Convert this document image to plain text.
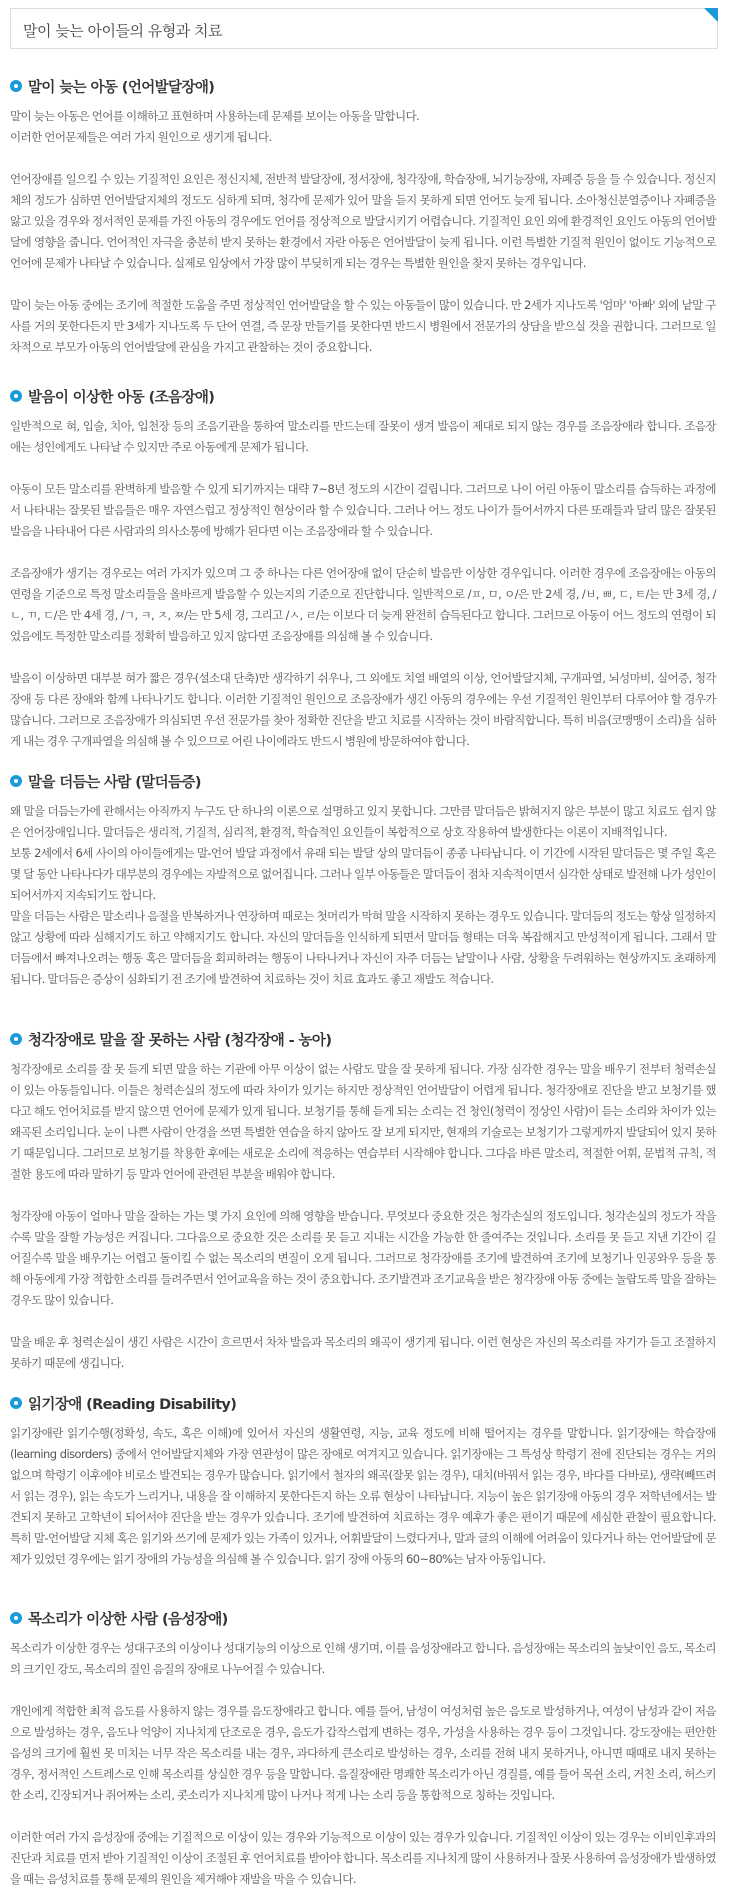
말이 늦는 아이들의 유형과 치료
말이 늦는 아동 (언어발달장애)

말이 늦는 아동은 언어를 이해하고 표현하며 사용하는데 문제를 보이는 아동을 말합니다.
이러한 언어문제들은 여러 가지 원인으로 생기게 됩니다.

언어장애를 일으킬 수 있는 기질적인 요인은 정신지체, 전반적 발달장애, 정서장애, 청각장애, 학습장애, 뇌기능장애, 자폐증 등을 들 수 있습니다. 정신지체의 정도가 심하면 언어발달지체의 정도도 심하게 되며, 청각에 문제가 있어 말을 듣지 못하게 되면 언어도 늦게 됩니다. 소아청신분열증이나 자폐증을 앓고 있을 경우와 정서적인 문제를 가진 아동의 경우에도 언어를 정상적으로 발달시키기 어렵습니다. 기질적인 요인 외에 환경적인 요인도 아동의 언어발달에 영향을 줍니다. 언어적인 자극을 충분히 받지 못하는 환경에서 자란 아동은 언어발달이 늦게 됩니다. 이런 특별한 기질적 원인이 없이도 기능적으로 언어에 문제가 나타날 수 있습니다. 실제로 임상에서 가장 많이 부딪히게 되는 경우는 특별한 원인을 찾지 못하는 경우입니다.

말이 늦는 아동 중에는 조기에 적절한 도움을 주면 정상적인 언어발달을 할 수 있는 아동들이 많이 있습니다. 만 2세가 지나도록 '엄마' '아빠' 외에 낱말 구사를 거의 못한다든지 만 3세가 지나도록 두 단어 연결, 즉 문장 만들기를 못한다면 반드시 병원에서 전문가의 상담을 받으실 것을 권합니다. 그러므로 일차적으로 부모가 아동의 언어발달에 관심을 가지고 관찰하는 것이 중요합니다.

발음이 이상한 아동 (조음장애)

일반적으로 혀, 입술, 치아, 입천장 등의 조음기관을 통하여 말소리를 만드는데 잘못이 생겨 발음이 제대로 되지 않는 경우를 조음장애라 합니다. 조음장애는 성인에게도 나타날 수 있지만 주로 아동에게 문제가 됩니다.

아동이 모든 말소리를 완벽하게 발음할 수 있게 되기까지는 대략 7~8년 정도의 시간이 걸립니다. 그러므로 나이 어린 아동이 말소리를 습득하는 과정에서 나타내는 잘못된 발음들은 매우 자연스럽고 정상적인 현상이라 할 수 있습니다. 그러나 어느 정도 나이가 들어서까지 다른 또래들과 달리 많은 잘못된 발음을 나타내어 다른 사람과의 의사소통에 방해가 된다면 이는 조음장애라 할 수 있습니다.

조음장애가 생기는 경우로는 여러 가지가 있으며 그 중 하나는 다른 언어장애 없이 단순히 발음만 이상한 경우입니다. 이러한 경우에 조음장애는 아동의 연령을 기준으로 특정 말소리들을 올바르게 발음할 수 있는지의 기준으로 진단합니다. 일반적으로 /ㅍ, ㅁ, ㅇ/은 만 2세 경, /ㅂ, ㅃ, ㄷ, ㅌ/는 만 3세 경, /ㄴ, ㄲ, ㄷ/은 만 4세 경, /ㄱ, ㅋ, ㅈ, ㅉ/는 만 5세 경, 그리고 /ㅅ, ㄹ/는 이보다 더 늦게 완전히 습득된다고 합니다. 그러므로 아동이 어느 정도의 연령이 되었음에도 특정한 말소리를 정확히 발음하고 있지 않다면 조음장애를 의심해 볼 수 있습니다.

발음이 이상하면 대부분 혀가 짧은 경우(설소대 단축)만 생각하기 쉬우나, 그 외에도 치열 배열의 이상, 언어발달지체, 구개파열, 뇌성마비, 실어증, 청각장애 등 다른 장애와 함께 나타나기도 합니다. 이러한 기질적인 원인으로 조음장애가 생긴 아동의 경우에는 우선 기질적인 원인부터 다루어야 할 경우가 많습니다. 그러므로 조음장애가 의심되면 우선 전문가를 찾아 정확한 진단을 받고 치료를 시작하는 것이 바람직합니다. 특히 비음(코맹맹이 소리)을 심하게 내는 경우 구개파열을 의심해 볼 수 있으므로 어린 나이에라도 반드시 병원에 방문하여야 합니다.

말을 더듬는 사람 (말더듬증)

왜 말을 더듬는가에 관해서는 아직까지 누구도 단 하나의 이론으로 설명하고 있지 못합니다. 그만큼 말더듬은 밝혀지지 않은 부분이 많고 치료도 쉽지 않은 언어장애입니다. 말더듬은 생리적, 기질적, 심리적, 환경적, 학습적인 요인들이 복합적으로 상호 작용하여 발생한다는 이론이 지배적입니다.
보통 2세에서 6세 사이의 아이들에게는 말-언어 발달 과정에서 유래 되는 발달 상의 말더듬이 종종 나타납니다. 이 기간에 시작된 말더듬은 몇 주일 혹은 몇 달 동안 나타나다가 대부분의 경우에는 자발적으로 없어집니다. 그러나 일부 아동들은 말더듬이 점차 지속적이면서 심각한 상태로 발전해 나가 성인이 되어서까지 지속되기도 합니다.
말을 더듬는 사람은 말소리나 음절을 반복하거나 연장하며 때로는 첫머리가 막혀 말을 시작하지 못하는 경우도 있습니다. 말더듬의 정도는 항상 일정하지 않고 상황에 따라 심해지기도 하고 약해지기도 합니다. 자신의 말더듬을 인식하게 되면서 말더듬 형태는 더욱 복잡해지고 만성적이게 됩니다. 그래서 말더듬에서 빠져나오려는 행동 혹은 말더듬을 회피하려는 행동이 나타나거나 자신이 자주 더듬는 낱말이나 사람, 상황을 두려워하는 현상까지도 초래하게 됩니다. 말더듬은 증상이 심화되기 전 조기에 발견하여 치료하는 것이 치료 효과도 좋고 재발도 적습니다.

청각장애로 말을 잘 못하는 사람 (청각장애 - 농아)

청각장애로 소리를 잘 못 듣게 되면 말을 하는 기관에 아무 이상이 없는 사람도 말을 잘 못하게 됩니다. 가장 심각한 경우는 말을 배우기 전부터 청력손실이 있는 아동들입니다. 이들은 청력손실의 정도에 따라 차이가 있기는 하지만 정상적인 언어발달이 어렵게 됩니다. 청각장애로 진단을 받고 보청기를 했다고 해도 언어치료를 받지 않으면 언어에 문제가 있게 됩니다. 보청기를 통해 듣게 되는 소리는 건 청인(청력이 정상인 사람)이 듣는 소리와 차이가 있는 왜곡된 소리입니다. 눈이 나쁜 사람이 안경을 쓰면 특별한 연습을 하지 않아도 잘 보게 되지만, 현재의 기술로는 보청기가 그렇게까지 발달되어 있지 못하기 때문입니다. 그러므로 보청기를 착용한 후에는 새로운 소리에 적응하는 연습부터 시작해야 합니다. 그다음 바른 말소리, 적절한 어휘, 문법적 규칙, 적절한 용도에 따라 말하기 등 말과 언어에 관련된 부분을 배워야 합니다.

청각장애 아동이 얼마나 말을 잘하는 가는 몇 가지 요인에 의해 영향을 받습니다. 무엇보다 중요한 것은 청각손실의 정도입니다. 청각손실의 정도가 작을수록 말을 잘할 가능성은 커집니다. 그다음으로 중요한 것은 소리를 못 듣고 지내는 시간을 가능한 한 줄여주는 것입니다. 소리를 못 듣고 지낸 기간이 길어질수록 말을 배우기는 어렵고 돌이킬 수 없는 목소리의 변질이 오게 됩니다. 그러므로 청각장애를 조기에 발견하여 조기에 보청기나 인공와우 등을 통해 아동에게 가장 적합한 소리를 들려주면서 언어교육을 하는 것이 중요합니다. 조기발견과 조기교육을 받은 청각장애 아동 중에는 놀랍도록 말을 잘하는 경우도 많이 있습니다.

말을 배운 후 청력손실이 생긴 사람은 시간이 흐르면서 차차 발음과 목소리의 왜곡이 생기게 됩니다. 이런 현상은 자신의 목소리를 자기가 듣고 조절하지 못하기 때문에 생깁니다.

읽기장애 (Reading Disability)

읽기장애란 읽기수행(정확성, 속도, 혹은 이해)에 있어서 자신의 생활연령, 지능, 교육 정도에 비해 떨어지는 경우를 말합니다. 읽기장애는 학습장애(learning disorders) 중에서 언어발달지체와 가장 연관성이 많은 장애로 여겨지고 있습니다. 읽기장애는 그 특성상 학령기 전에 진단되는 경우는 거의 없으며 학령기 이후에야 비로소 발견되는 경우가 많습니다. 읽기에서 철자의 왜곡(잘못 읽는 경우), 대치(바꿔서 읽는 경우, 바다를 다바로), 생략(빼뜨려서 읽는 경우), 읽는 속도가 느리거나, 내용을 잘 이해하지 못한다든지 하는 오류 현상이 나타납니다. 지능이 높은 읽기장애 아동의 경우 저학년에서는 발견되지 못하고 고학년이 되어서야 진단을 받는 경우가 있습니다. 조기에 발견하여 치료하는 경우 예후가 좋은 편이기 때문에 세심한 관찰이 필요합니다. 특히 말-언어발달 지체 혹은 읽기와 쓰기에 문제가 있는 가족이 있거나, 어휘발달이 느렸다거나, 말과 글의 이해에 어려움이 있다거나 하는 언어발달에 문제가 있었던 경우에는 읽기 장애의 가능성을 의심해 볼 수 있습니다. 읽기 장애 아동의 60~80%는 남자 아동입니다.

목소리가 이상한 사람 (음성장애)

목소리가 이상한 경우는 성대구조의 이상이나 성대기능의 이상으로 인해 생기며, 이를 음성장애라고 합니다. 음성장애는 목소리의 높낮이인 음도, 목소리의 크기인 강도, 목소리의 질인 음질의 장애로 나누어질 수 있습니다.

개인에게 적합한 최적 음도를 사용하지 않는 경우를 음도장애라고 합니다. 예를 들어, 남성이 여성처럼 높은 음도로 발성하거나, 여성이 남성과 같이 저음으로 발성하는 경우, 음도나 억양이 지나치게 단조로운 경우, 음도가 갑작스럽게 변하는 경우, 가성을 사용하는 경우 등이 그것입니다. 강도장애는 편안한 음성의 크기에 훨씬 못 미치는 너무 작은 목소리를 내는 경우, 과다하게 큰소리로 발성하는 경우, 소리를 전혀 내지 못하거나, 아니면 때때로 내지 못하는 경우, 정서적인 스트레스로 인해 목소리를 상실한 경우 등을 말합니다. 음질장애란 명쾌한 목소리가 아닌 경질를, 예를 들어 목쉰 소리, 거친 소리, 허스키한 소리, 긴장되거나 쥐어짜는 소리, 콧소리가 지나치게 많이 나거나 적게 나는 소리 등을 통합적으로 칭하는 것입니다.

이러한 여러 가지 음성장애 중에는 기질적으로 이상이 있는 경우와 기능적으로 이상이 있는 경우가 있습니다. 기질적인 이상이 있는 경우는 이비인후과의 진단과 치료를 먼저 받아 기질적인 이상이 조절된 후 언어치료를 받아야 합니다. 목소리를 지나치게 많이 사용하거나 잘못 사용하여 음성장애가 발생하였을 때는 음성치료를 통해 문제의 원인을 제거해야 재발을 막을 수 있습니다.
